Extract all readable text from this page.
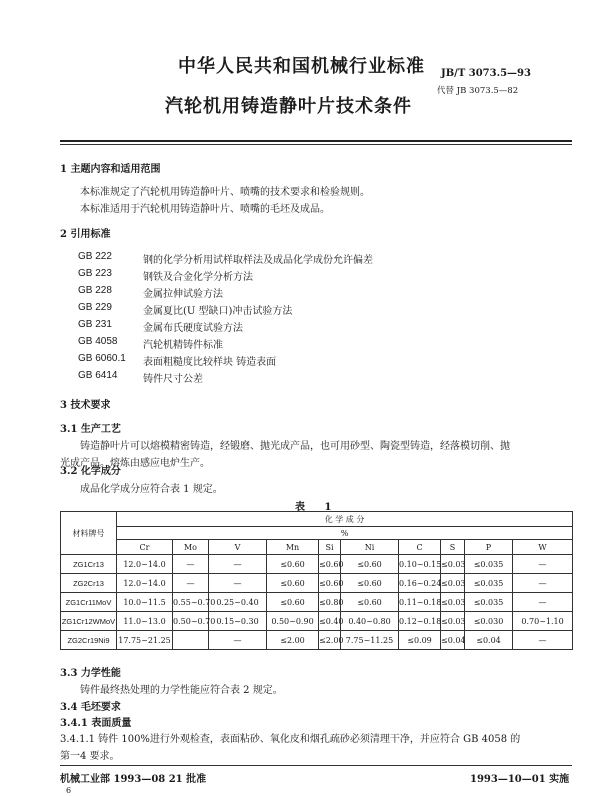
中华人民共和国机械行业标准 JB/T 3073.5—93
代替 JB 3073.5—82
汽轮机用铸造静叶片技术条件
1 主题内容和适用范围
本标准规定了汽轮机用铸造静叶片、喷嘴的技术要求和检验规则。
本标准适用于汽轮机用铸造静叶片、喷嘴的毛坯及成品。
2 引用标准
GB 222	钢的化学分析用试样取样法及成品化学成份允许偏差
GB 223	钢铁及合金化学分析方法
GB 228	金属拉伸试验方法
GB 229	金属夏比(U 型缺口)冲击试验方法
GB 231	金属布氏硬度试验方法
GB 4058	汽轮机精铸件标准
GB 6060.1 表面粗糙度比较样块 铸造表面
GB 6414	铸件尺寸公差
3 技术要求
3.1 生产工艺
铸造静叶片可以熔模精密铸造，经锻磨、抛光成产品，也可用砂型、陶瓷型铸造，经落模切削、抛
光成产品。熔炼由感应电炉生产。
3.2 化学成分
成品化学成分应符合表 1 规定。
表 1
材料牌号	化 学 成 分									
	%									
	Cr	Mo	V	Mn	Si	Ni	C	S	P	W
ZG1Cr13	12.0~14.0	—	—	≤0.60	≤0.60	≤0.60	0.10~0.15	≤0.03	≤0.035	—
ZG2Cr13	12.0~14.0	—	—	≤0.60	≤0.60	≤0.60	0.16~0.24	≤0.03	≤0.035	—
ZG1Cr11MoV	10.0~11.5	0.55~0.70	0.25~0.40	≤0.60	≤0.80	≤0.60	0.11~0.18	≤0.03	≤0.035	—
ZG1Cr12WMoV	11.0~13.0	0.50~0.70	0.15~0.30	0.50~0.90	≤0.40	0.40~0.80	0.12~0.18	≤0.03	≤0.030	0.70~1.10
ZG2Cr19Ni9	17.75~21.25		—	≤2.00	≤2.00	7.75~11.25	≤0.09	≤0.04	≤0.04	—
3.3 力学性能
铸件最终热处理的力学性能应符合表 2 规定。
3.4 毛坯要求
3.4.1 表面质量
3.4.1.1 铸件 100%进行外观检查，表面粘砂、氧化皮和烟孔疏砂必须清理干净，并应符合 GB 4058 的
第一4 要求。
机械工业部 1993—08 21 批准	1993—10—01 实施
6
